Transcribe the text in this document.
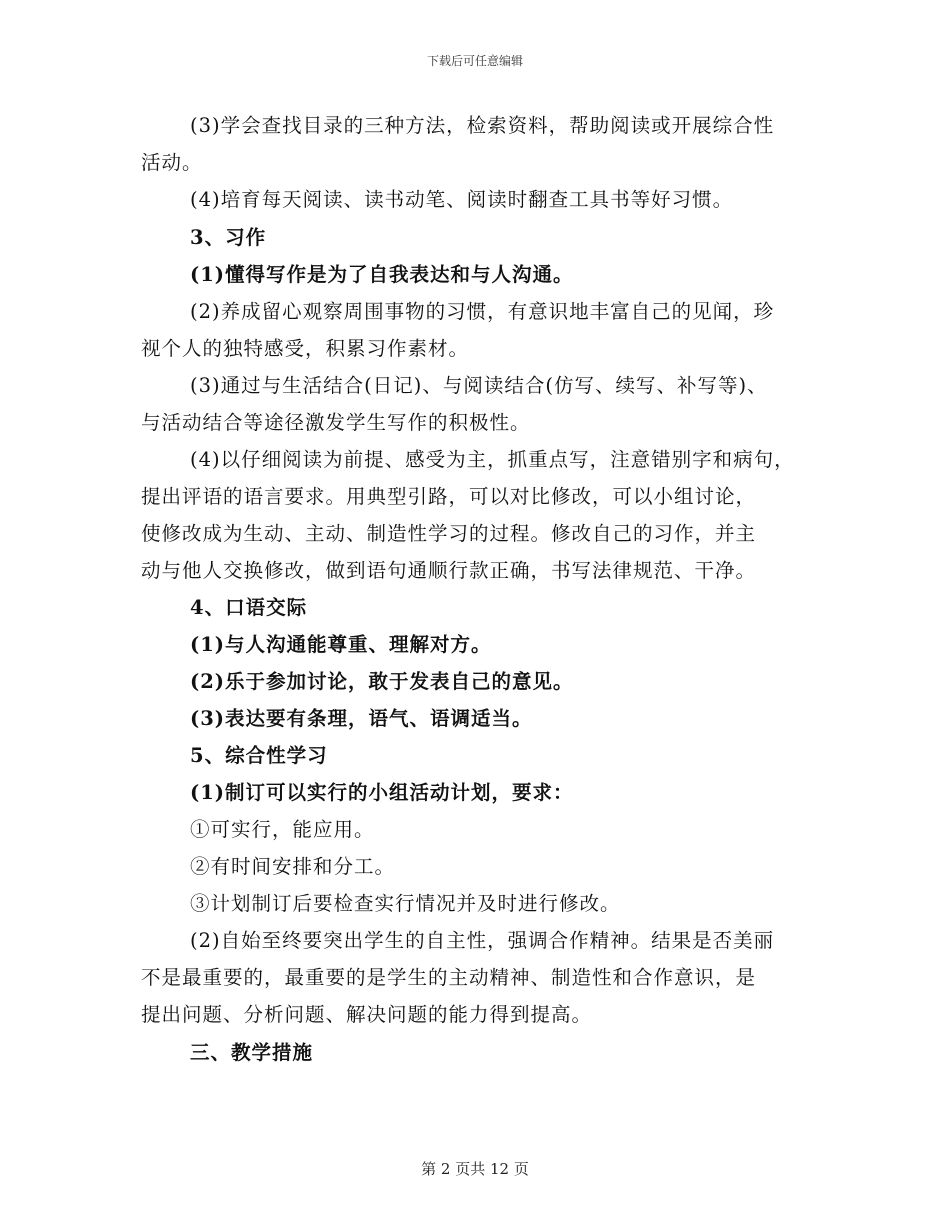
下载后可任意编辑

(3)学会查找目录的三种方法，检索资料，帮助阅读或开展综合性

活动。

(4)培育每天阅读、读书动笔、阅读时翻查工具书等好习惯。

3、习作

(1)懂得写作是为了自我表达和与人沟通。

(2)养成留心观察周围事物的习惯，有意识地丰富自己的见闻，珍

视个人的独特感受，积累习作素材。

(3)通过与生活结合(日记)、与阅读结合(仿写、续写、补写等)、

与活动结合等途径激发学生写作的积极性。

(4)以仔细阅读为前提、感受为主，抓重点写，注意错别字和病句，

提出评语的语言要求。用典型引路，可以对比修改，可以小组讨论，

使修改成为生动、主动、制造性学习的过程。修改自己的习作，并主

动与他人交换修改，做到语句通顺行款正确，书写法律规范、干净。

4、口语交际

(1)与人沟通能尊重、理解对方。

(2)乐于参加讨论，敢于发表自己的意见。

(3)表达要有条理，语气、语调适当。

5、综合性学习

(1)制订可以实行的小组活动计划，要求：

①可实行，能应用。

②有时间安排和分工。

③计划制订后要检查实行情况并及时进行修改。

(2)自始至终要突出学生的自主性，强调合作精神。结果是否美丽

不是最重要的，最重要的是学生的主动精神、制造性和合作意识，是

提出问题、分析问题、解决问题的能力得到提高。

三、教学措施

第 2 页共 12 页
